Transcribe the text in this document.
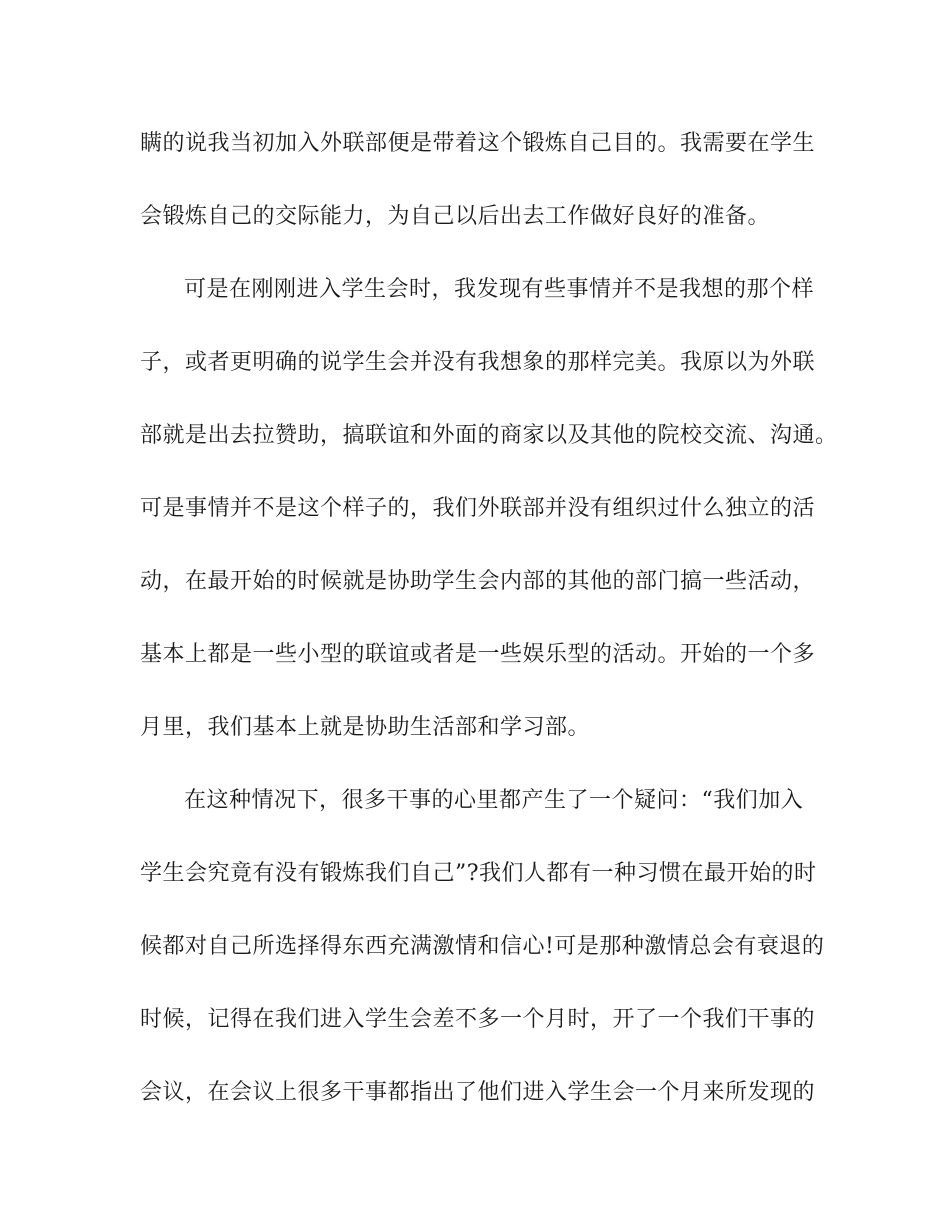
瞒的说我当初加入外联部便是带着这个锻炼自己目的。我需要在学生
会锻炼自己的交际能力，为自己以后出去工作做好良好的准备。
可是在刚刚进入学生会时，我发现有些事情并不是我想的那个样
子，或者更明确的说学生会并没有我想象的那样完美。我原以为外联
部就是出去拉赞助，搞联谊和外面的商家以及其他的院校交流、沟通。
可是事情并不是这个样子的，我们外联部并没有组织过什么独立的活
动，在最开始的时候就是协助学生会内部的其他的部门搞一些活动，
基本上都是一些小型的联谊或者是一些娱乐型的活动。开始的一个多
月里，我们基本上就是协助生活部和学习部。
在这种情况下，很多干事的心里都产生了一个疑问：“我们加入
学生会究竟有没有锻炼我们自己”?我们人都有一种习惯在最开始的时
候都对自己所选择得东西充满激情和信心!可是那种激情总会有衰退的
时候，记得在我们进入学生会差不多一个月时，开了一个我们干事的
会议，在会议上很多干事都指出了他们进入学生会一个月来所发现的
